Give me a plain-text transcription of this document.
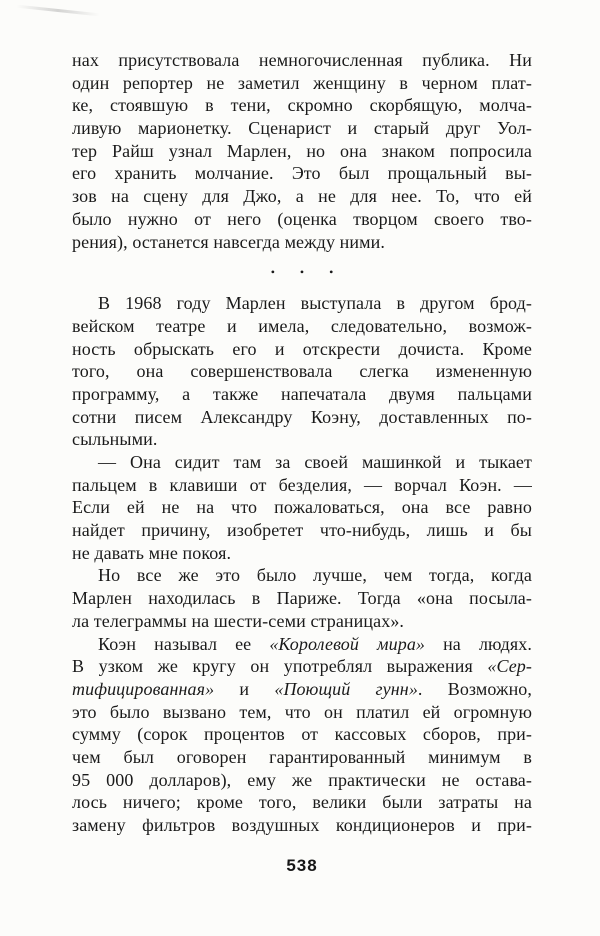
нах присутствовала немногочисленная публика. Ни
один репортер не заметил женщину в черном плат-
ке, стоявшую в тени, скромно скорбящую, молча-
ливую марионетку. Сценарист и старый друг Уол-
тер Райш узнал Марлен, но она знаком попросила
его хранить молчание. Это был прощальный вы-
зов на сцену для Джо, а не для нее. То, что ей
было нужно от него (оценка творцом своего тво-
рения), останется навсегда между ними.
• • •
В 1968 году Марлен выступала в другом брод-
вейском театре и имела, следовательно, возмож-
ность обрыскать его и отскрести дочиста. Кроме
того, она совершенствовала слегка измененную
программу, а также напечатала двумя пальцами
сотни писем Александру Коэну, доставленных по-
сыльными.
— Она сидит там за своей машинкой и тыкает
пальцем в клавиши от безделия, — ворчал Коэн. —
Если ей не на что пожаловаться, она все равно
найдет причину, изобретет что-нибудь, лишь и бы
не давать мне покоя.
Но все же это было лучше, чем тогда, когда
Марлен находилась в Париже. Тогда «она посыла-
ла телеграммы на шести-семи страницах».
Коэн называл ее «Королевой мира» на людях.
В узком же кругу он употреблял выражения «Сер-
тифицированная» и «Поющий гунн». Возможно,
это было вызвано тем, что он платил ей огромную
сумму (сорок процентов от кассовых сборов, при-
чем был оговорен гарантированный минимум в
95 000 долларов), ему же практически не остава-
лось ничего; кроме того, велики были затраты на
замену фильтров воздушных кондиционеров и при-
538
